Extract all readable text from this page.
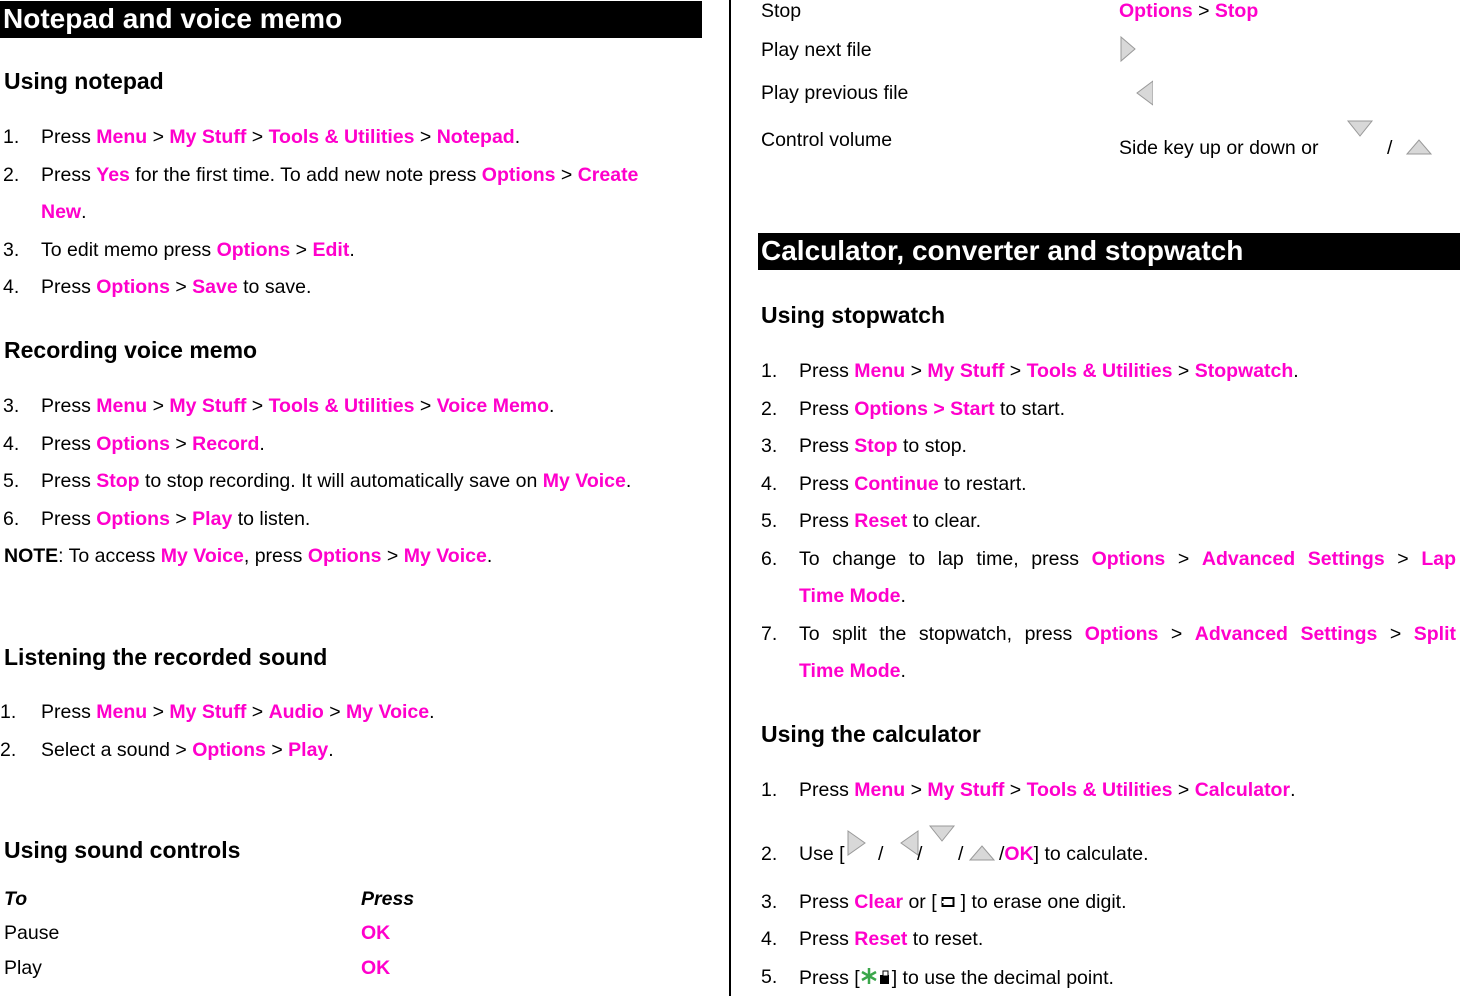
Notepad and voice memo
Using notepad
1. Press Menu > My Stuff > Tools & Utilities > Notepad.
2. Press Yes for the first time. To add new note press Options > Create
New.
3. To edit memo press Options > Edit.
4. Press Options > Save to save.
Recording voice memo
3. Press Menu > My Stuff > Tools & Utilities > Voice Memo.
4. Press Options > Record.
5. Press Stop to stop recording. It will automatically save on My Voice.
6. Press Options > Play to listen.
NOTE: To access My Voice, press Options > My Voice.
Listening the recorded sound
1. Press Menu > My Stuff > Audio > My Voice.
2. Select a sound > Options > Play.
Using sound controls
To	Press
Pause	OK
Play	OK
Stop	Options > Stop
Play next file
Play previous file
Control volume	Side key up or down or	/
Calculator, converter and stopwatch
Using stopwatch
1. Press Menu > My Stuff > Tools & Utilities > Stopwatch.
2. Press Options > Start to start.
3. Press Stop to stop.
4. Press Continue to restart.
5. Press Reset to clear.
6. To change to lap time, press Options > Advanced Settings > Lap
Time Mode.
7. To split the stopwatch, press Options > Advanced Settings > Split
Time Mode.
Using the calculator
1. Press Menu > My Stuff > Tools & Utilities > Calculator.
2. Use [ / / / /OK] to calculate.
3. Press Clear or [ ] to erase one digit.
4. Press Reset to reset.
5. Press [ ] to use the decimal point.
